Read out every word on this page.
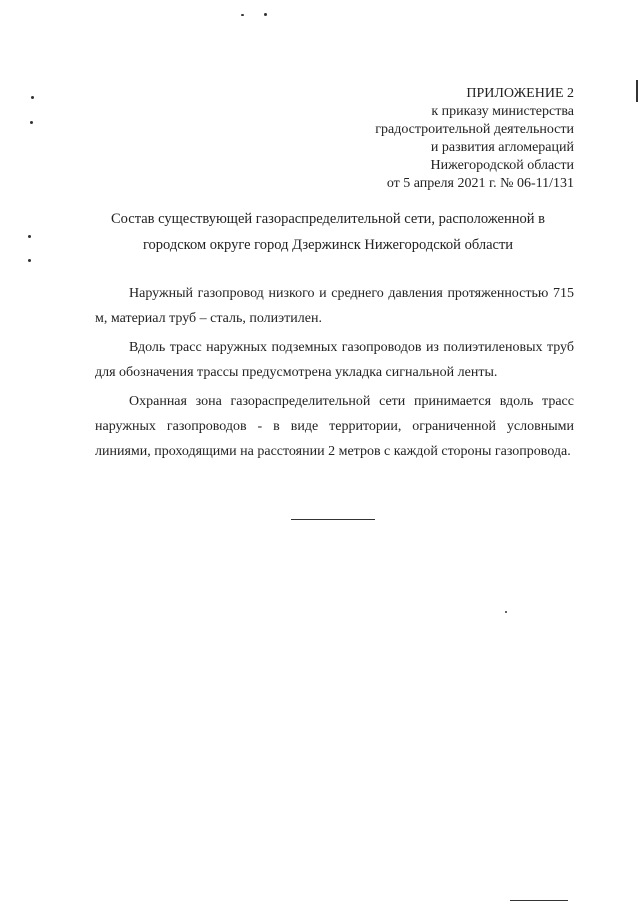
ПРИЛОЖЕНИЕ 2
к приказу министерства
градостроительной деятельности
и развития агломераций
Нижегородской области
от 5 апреля 2021 г. № 06-11/131
Состав существующей газораспределительной сети, расположенной в
городском округе город Дзержинск Нижегородской области

Наружный газопровод низкого и среднего давления протяженностью 715 м, материал труб – сталь, полиэтилен.

Вдоль трасс наружных подземных газопроводов из полиэтиленовых труб для обозначения трассы предусмотрена укладка сигнальной ленты.

Охранная зона газораспределительной сети принимается вдоль трасс наружных газопроводов - в виде территории, ограниченной условными линиями, проходящими на расстоянии 2 метров с каждой стороны газопровода.
